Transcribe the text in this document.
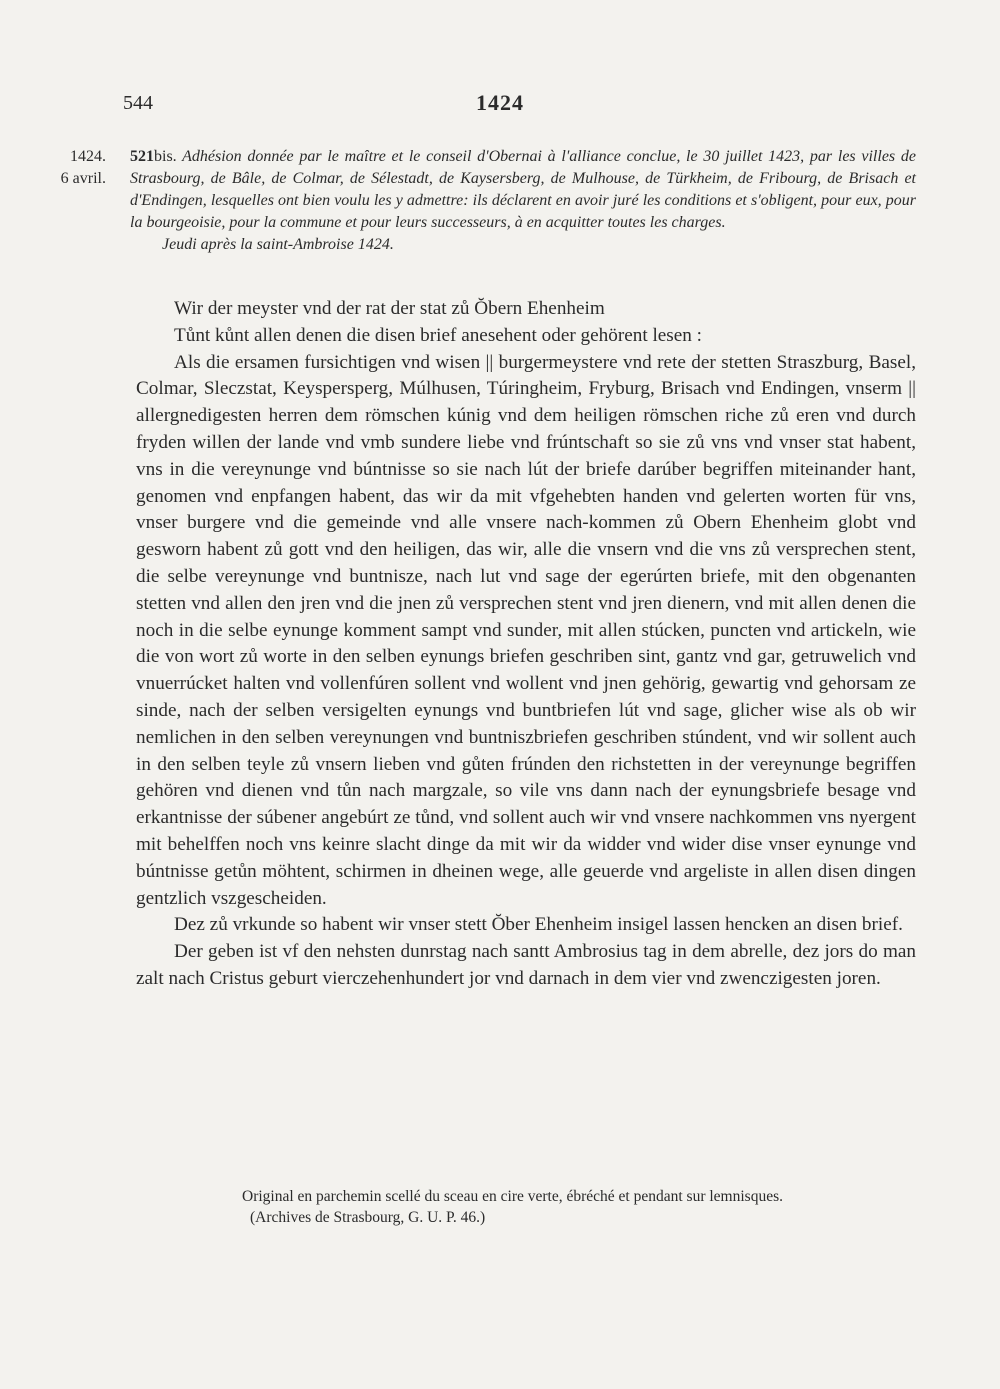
544	1424
1424.
6 avril.
521bis. Adhésion donnée par le maître et le conseil d'Obernai à l'alliance conclue, le 30 juillet 1423, par les villes de Strasbourg, de Bâle, de Colmar, de Sélestadt, de Kaysersberg, de Mulhouse, de Türkheim, de Fribourg, de Brisach et d'Endingen, lesquelles ont bien voulu les y admettre: ils déclarent en avoir juré les conditions et s'obligent, pour eux, pour la bourgeoisie, pour la commune et pour leurs successeurs, à en acquitter toutes les charges.
Jeudi après la saint-Ambroise 1424.

Wir der meyster vnd der rat der stat zů Ŏbern Ehenheim

Tůnt kůnt allen denen die disen brief anesehent oder gehörent lesen :

Als die ersamen fursichtigen vnd wisen || burgermeystere vnd rete der stetten Straszburg, Basel, Colmar, Sleczstat, Keyspersperg, Múlhusen, Túringheim, Fryburg, Brisach vnd Endingen, vnserm || allergnedigesten herren dem römschen kúnig vnd dem heiligen römschen riche zů eren vnd durch fryden willen der lande vnd vmb sundere liebe vnd frúntschaft so sie zů vns vnd vnser stat habent, vns in die vereynunge vnd búntnisse so sie nach lút der briefe darúber begriffen miteinander hant, genomen vnd enpfangen habent, das wir da mit vfgehebten handen vnd gelerten worten für vns, vnser burgere vnd die gemeinde vnd alle vnsere nach-kommen zů Obern Ehenheim globt vnd gesworn habent zů gott vnd den heiligen, das wir, alle die vnsern vnd die vns zů versprechen stent, die selbe vereynunge vnd buntnisze, nach lut vnd sage der egerúrten briefe, mit den obgenanten stetten vnd allen den jren vnd die jnen zů versprechen stent vnd jren dienern, vnd mit allen denen die noch in die selbe eynunge komment sampt vnd sunder, mit allen stúcken, puncten vnd artickeln, wie die von wort zů worte in den selben eynungs briefen geschriben sint, gantz vnd gar, getruwelich vnd vnuerrúcket halten vnd vollenfúren sollent vnd wollent vnd jnen gehörig, gewartig vnd gehorsam ze sinde, nach der selben versigelten eynungs vnd buntbriefen lút vnd sage, glicher wise als ob wir nemlichen in den selben vereynungen vnd buntniszbriefen geschriben stúndent, vnd wir sollent auch in den selben teyle zů vnsern lieben vnd gůten frúnden den richstetten in der vereynunge begriffen gehören vnd dienen vnd tůn nach margzale, so vile vns dann nach der eynungsbriefe besage vnd erkantnisse der súbener angebúrt ze tůnd, vnd sollent auch wir vnd vnsere nachkommen vns nyergent mit behelffen noch vns keinre slacht dinge da mit wir da widder vnd wider dise vnser eynunge vnd búntnisse getůn möhtent, schirmen in dheinen wege, alle geuerde vnd argeliste in allen disen dingen gentzlich vszgescheiden.

Dez zů vrkunde so habent wir vnser stett Ŏber Ehenheim insigel lassen hencken an disen brief.

Der geben ist vf den nehsten dunrstag nach santt Ambrosius tag in dem abrelle, dez jors do man zalt nach Cristus geburt vierczehenhundert jor vnd darnach in dem vier vnd zwenczigesten joren.

Original en parchemin scellé du sceau en cire verte, ébréché et pendant sur lemnisques.
(Archives de Strasbourg, G. U. P. 46.)
